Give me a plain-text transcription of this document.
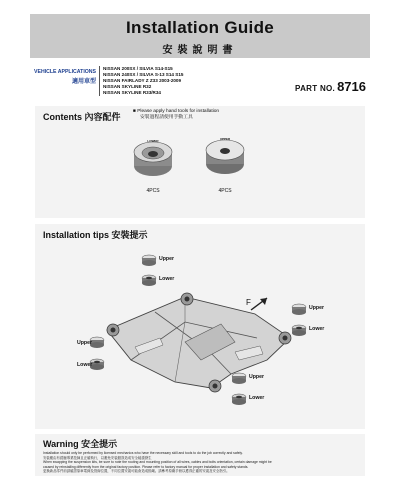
Installation Guide
安裝說明書
VEHICLE APPLICATIONS
適用車型
NISSAN 200SX / SILVIA S14-S15
NISSAN 240SX / SILVIA S-13 S14 S15
NISSAN FAIRLADY Z Z33 2003-2009
NISSAN SKYLINE R32
NISSAN SKYLINE R33/R34	PART NO. 8716
Contents 內容配件
■ Please apply hand tools for installation
安裝過程請使用手動工具
LOWER
4PCS
UPPER
4PCS
Installation tips 安裝提示
F
Upper
Lower
Upper
Lower
Upper
Lower
Upper
Lower
Warning 安全提示
Installation should only be performed by licensed mechanics who have the necessary skill and tools to do the job correctly and safely.
安裝應由有經驗專業技師且正確執行，以避免安裝錯誤造成安全疑慮發生
When swapping the suspension kits, be sure to note the routing and mounting position of all wires, cables and bolts orientation, certain damage might be
caused by reinstalling differently from the original factory position. Please refer to factory manual for proper installation and safety stands.
更換新品零件前請確認原車電線及管線位置，不同位置安裝可能會造成損壞。請參考原廠手冊以獲得正確的安裝及安全指引。
